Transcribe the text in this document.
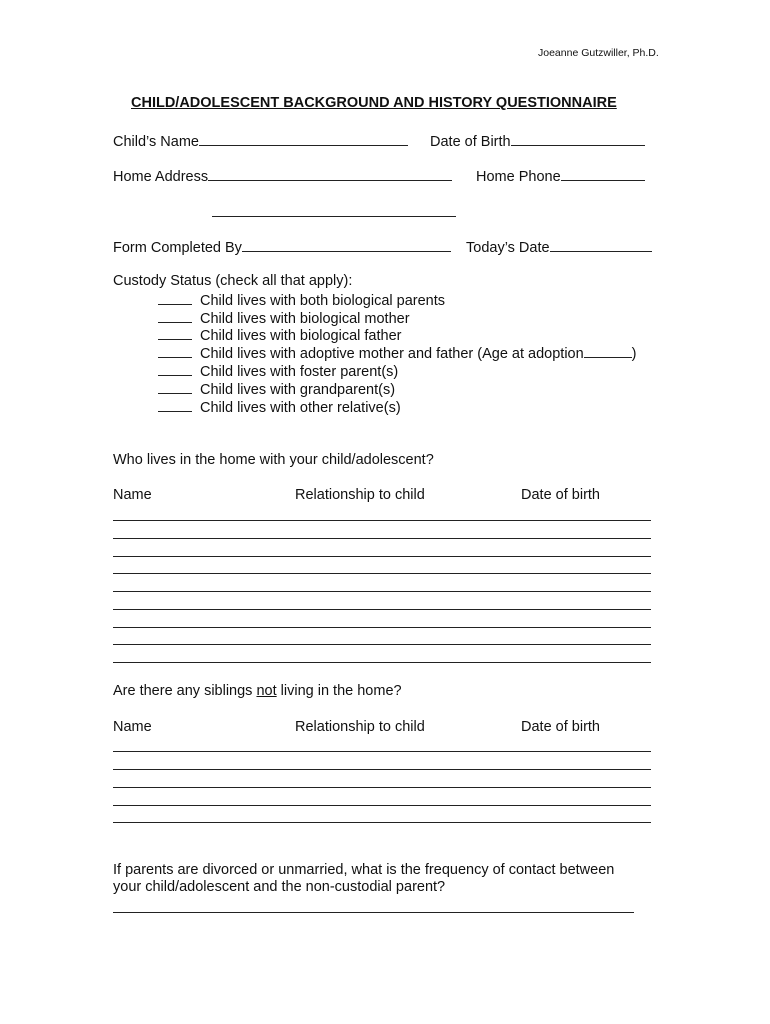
Joeanne Gutzwiller, Ph.D.
CHILD/ADOLESCENT BACKGROUND AND HISTORY QUESTIONNAIRE
Child’s Name	Date of Birth
Home Address	Home Phone
Form Completed By	Today’s Date
Custody Status (check all that apply):
Child lives with both biological parents
Child lives with biological mother
Child lives with biological father
Child lives with adoptive mother and father (Age at adoption	)
Child lives with foster parent(s)
Child lives with grandparent(s)
Child lives with other relative(s)
Who lives in the home with your child/adolescent?
Name	Relationship to child	Date of birth
Are there any siblings not living in the home?
Name	Relationship to child	Date of birth
If parents are divorced or unmarried, what is the frequency of contact between
your child/adolescent and the non-custodial parent?
